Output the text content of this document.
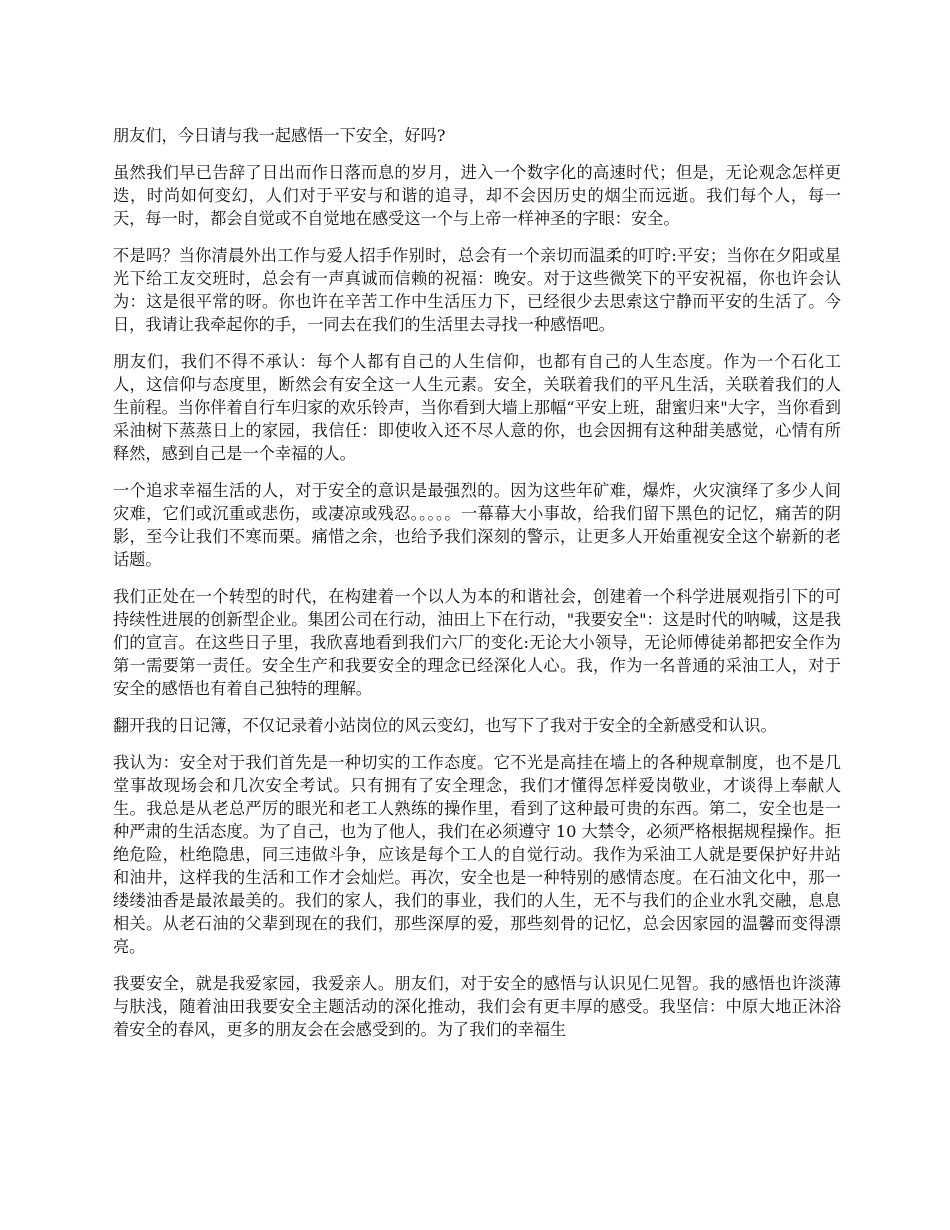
朋友们，今日请与我一起感悟一下安全，好吗?

虽然我们早已告辞了日出而作日落而息的岁月，进入一个数字化的高速时代；但是，无论观念怎样更迭，时尚如何变幻，人们对于平安与和谐的追寻，却不会因历史的烟尘而远逝。我们每个人，每一天，每一时，都会自觉或不自觉地在感受这一个与上帝一样神圣的字眼：安全。

不是吗？当你清晨外出工作与爱人招手作别时，总会有一个亲切而温柔的叮咛:平安；当你在夕阳或星光下给工友交班时，总会有一声真诚而信赖的祝福：晚安。对于这些微笑下的平安祝福，你也许会认为：这是很平常的呀。你也许在辛苦工作中生活压力下，已经很少去思索这宁静而平安的生活了。今日，我请让我牵起你的手，一同去在我们的生活里去寻找一种感悟吧。

朋友们，我们不得不承认：每个人都有自己的人生信仰，也都有自己的人生态度。作为一个石化工人，这信仰与态度里，断然会有安全这一人生元素。安全，关联着我们的平凡生活，关联着我们的人生前程。当你伴着自行车归家的欢乐铃声，当你看到大墙上那幅“平安上班，甜蜜归来"大字，当你看到采油树下蒸蒸日上的家园，我信任：即使收入还不尽人意的你，也会因拥有这种甜美感觉，心情有所释然，感到自己是一个幸福的人。

一个追求幸福生活的人，对于安全的意识是最强烈的。因为这些年矿难，爆炸，火灾演绎了多少人间灾难，它们或沉重或悲伤，或凄凉或残忍。。。。。一幕幕大小事故，给我们留下黑色的记忆，痛苦的阴影，至今让我们不寒而栗。痛惜之余，也给予我们深刻的警示，让更多人开始重视安全这个崭新的老话题。

我们正处在一个转型的时代，在构建着一个以人为本的和谐社会，创建着一个科学进展观指引下的可持续性进展的创新型企业。集团公司在行动，油田上下在行动，"我要安全"：这是时代的呐喊，这是我们的宣言。在这些日子里，我欣喜地看到我们六厂的变化:无论大小领导，无论师傅徒弟都把安全作为第一需要第一责任。安全生产和我要安全的理念已经深化人心。我，作为一名普通的采油工人，对于安全的感悟也有着自己独特的理解。

翻开我的日记簿，不仅记录着小站岗位的风云变幻，也写下了我对于安全的全新感受和认识。

我认为：安全对于我们首先是一种切实的工作态度。它不光是高挂在墙上的各种规章制度，也不是几堂事故现场会和几次安全考试。只有拥有了安全理念，我们才懂得怎样爱岗敬业，才谈得上奉献人生。我总是从老总严厉的眼光和老工人熟练的操作里，看到了这种最可贵的东西。第二，安全也是一种严肃的生活态度。为了自己，也为了他人，我们在必须遵守 10 大禁令，必须严格根据规程操作。拒绝危险，杜绝隐患，同三违做斗争，应该是每个工人的自觉行动。我作为采油工人就是要保护好井站和油井，这样我的生活和工作才会灿烂。再次，安全也是一种特别的感情态度。在石油文化中，那一缕缕油香是最浓最美的。我们的家人，我们的事业，我们的人生，无不与我们的企业水乳交融，息息相关。从老石油的父辈到现在的我们，那些深厚的爱，那些刻骨的记忆，总会因家园的温馨而变得漂亮。

我要安全，就是我爱家园，我爱亲人。朋友们，对于安全的感悟与认识见仁见智。我的感悟也许淡薄与肤浅，随着油田我要安全主题活动的深化推动，我们会有更丰厚的感受。我坚信：中原大地正沐浴着安全的春风，更多的朋友会在会感受到的。为了我们的幸福生
